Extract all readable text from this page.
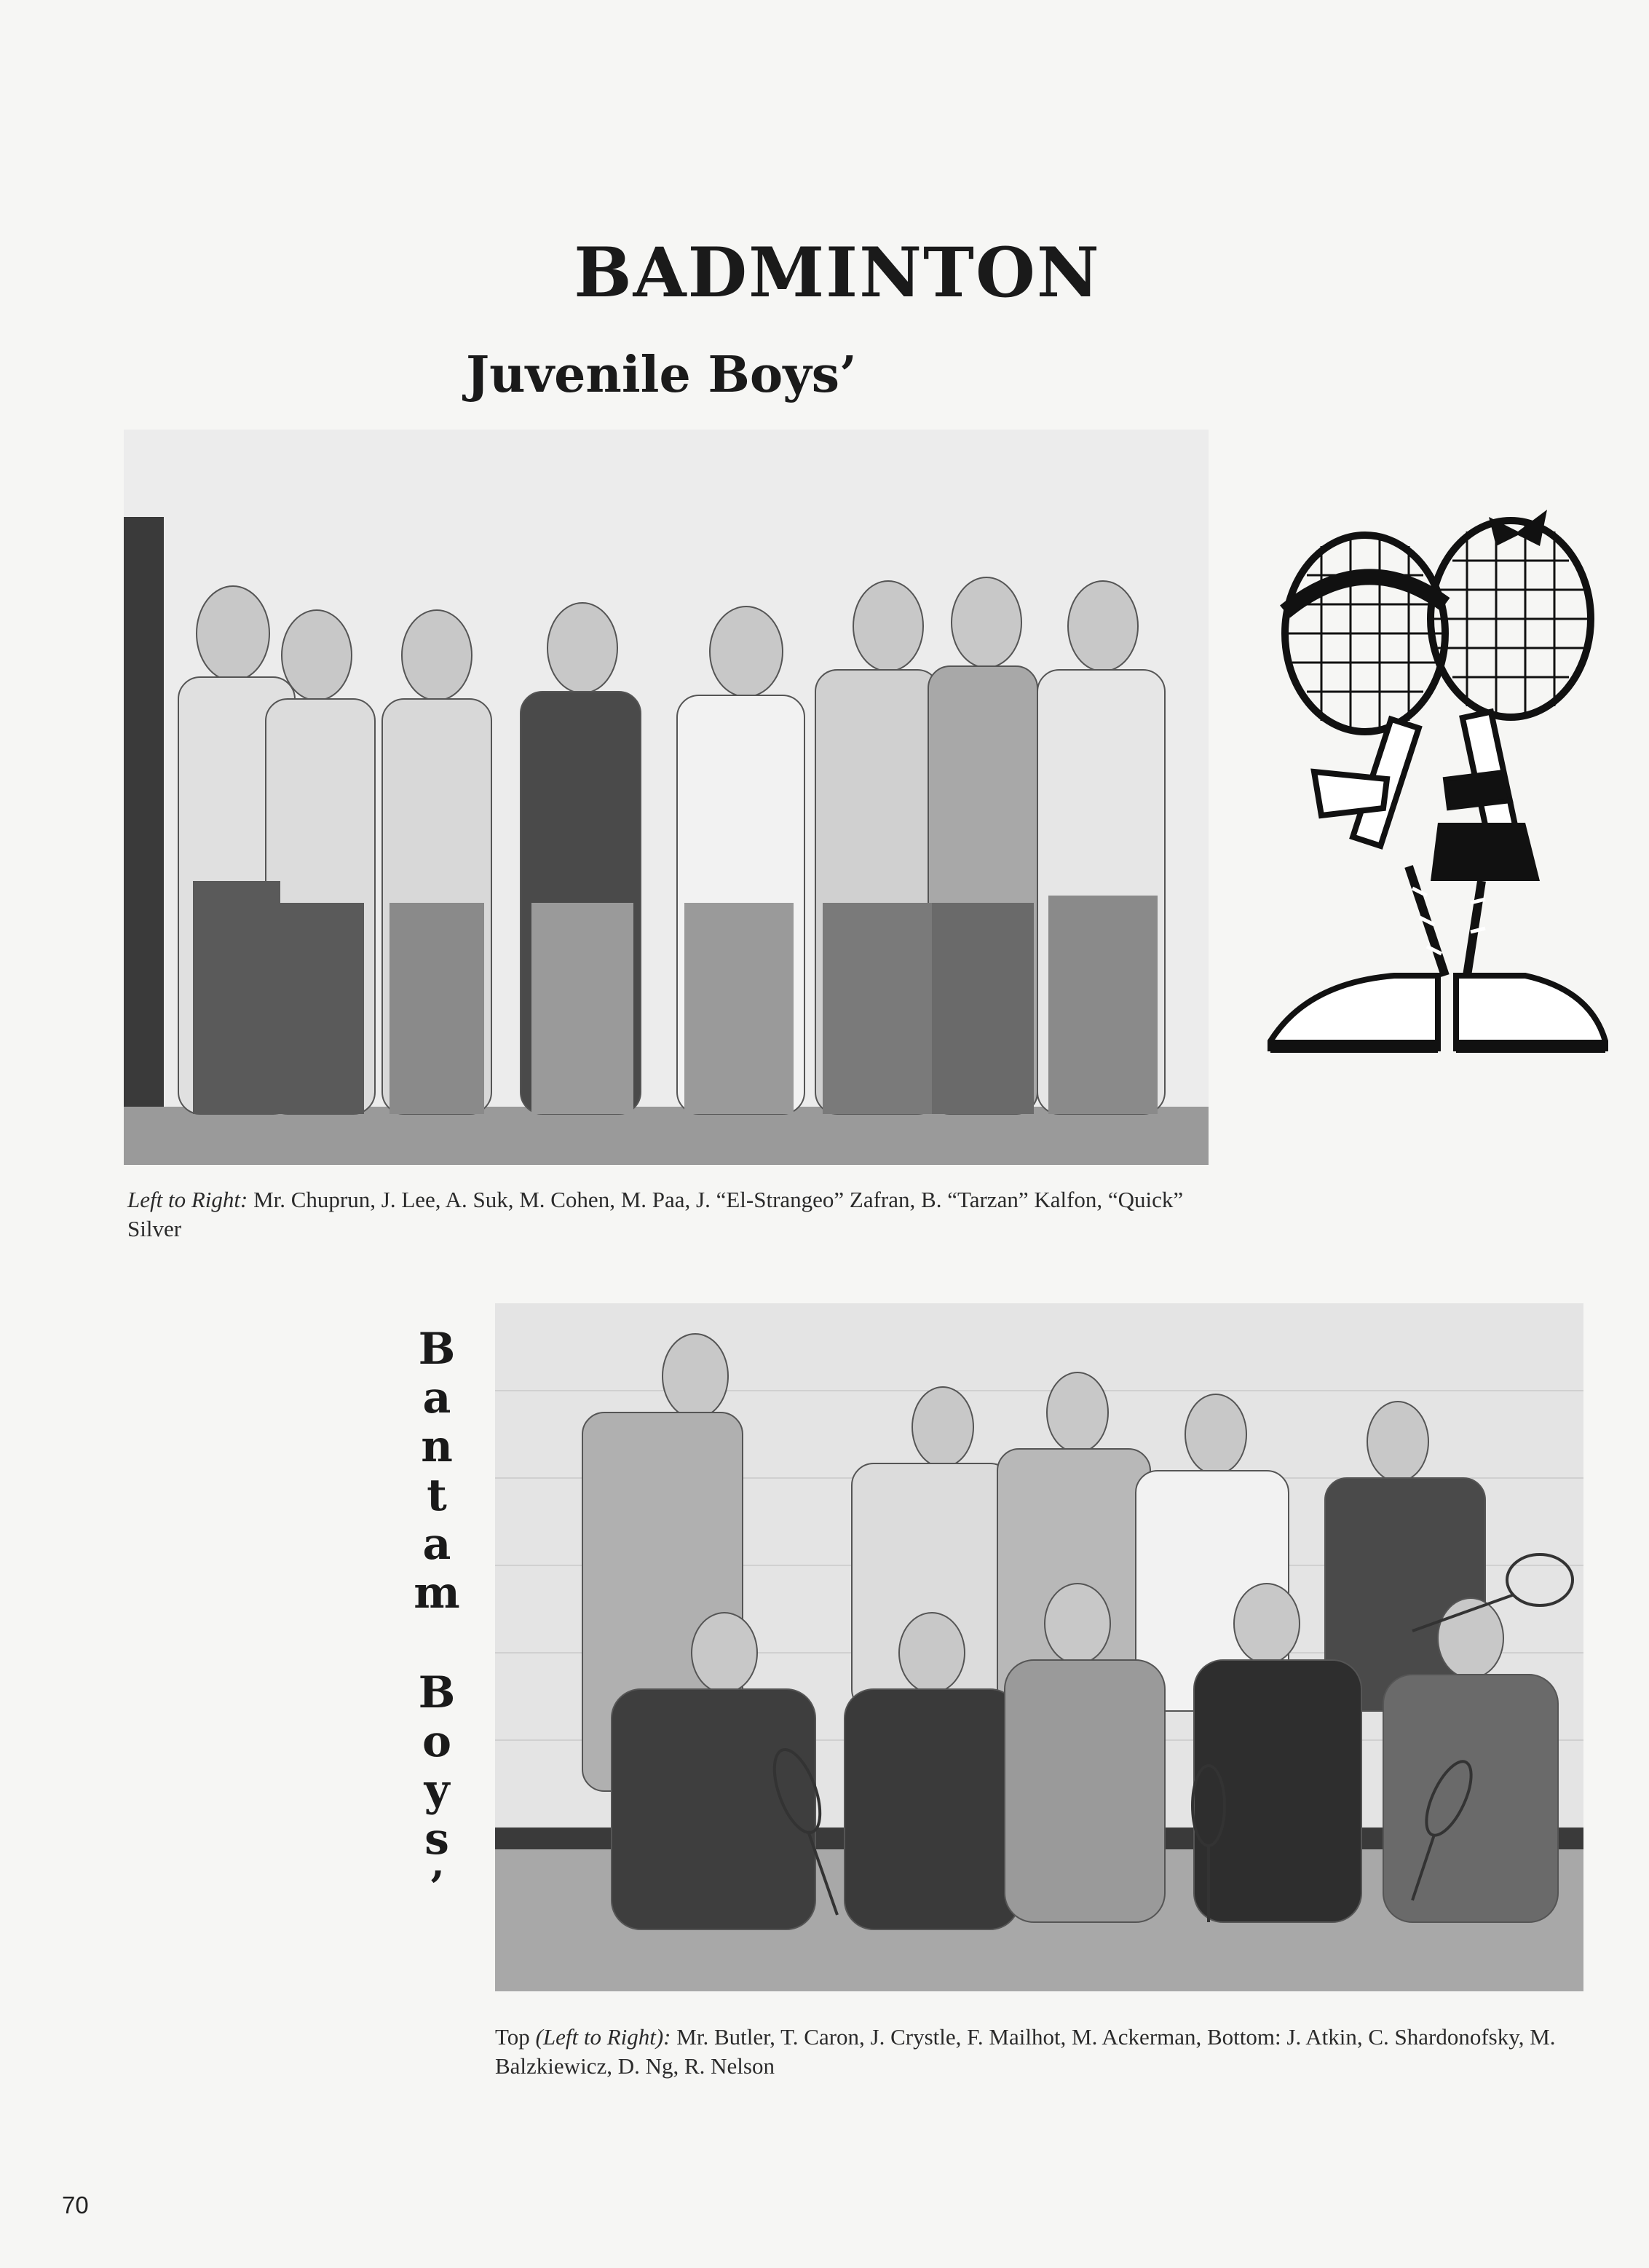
BADMINTON
Juvenile Boys’

Left to Right: Mr. Chuprun, J. Lee, A. Suk, M. Cohen, M. Paa, J. “El-Strangeo” Zafran, B. “Tarzan” Kalfon, “Quick” Silver

B
a
n
t
a
m
B
o
y
s
’

Top (Left to Right): Mr. Butler, T. Caron, J. Crystle, F. Mailhot, M. Ackerman, Bottom: J. Atkin, C. Shardonofsky, M. Balzkiewicz, D. Ng, R. Nelson

70
